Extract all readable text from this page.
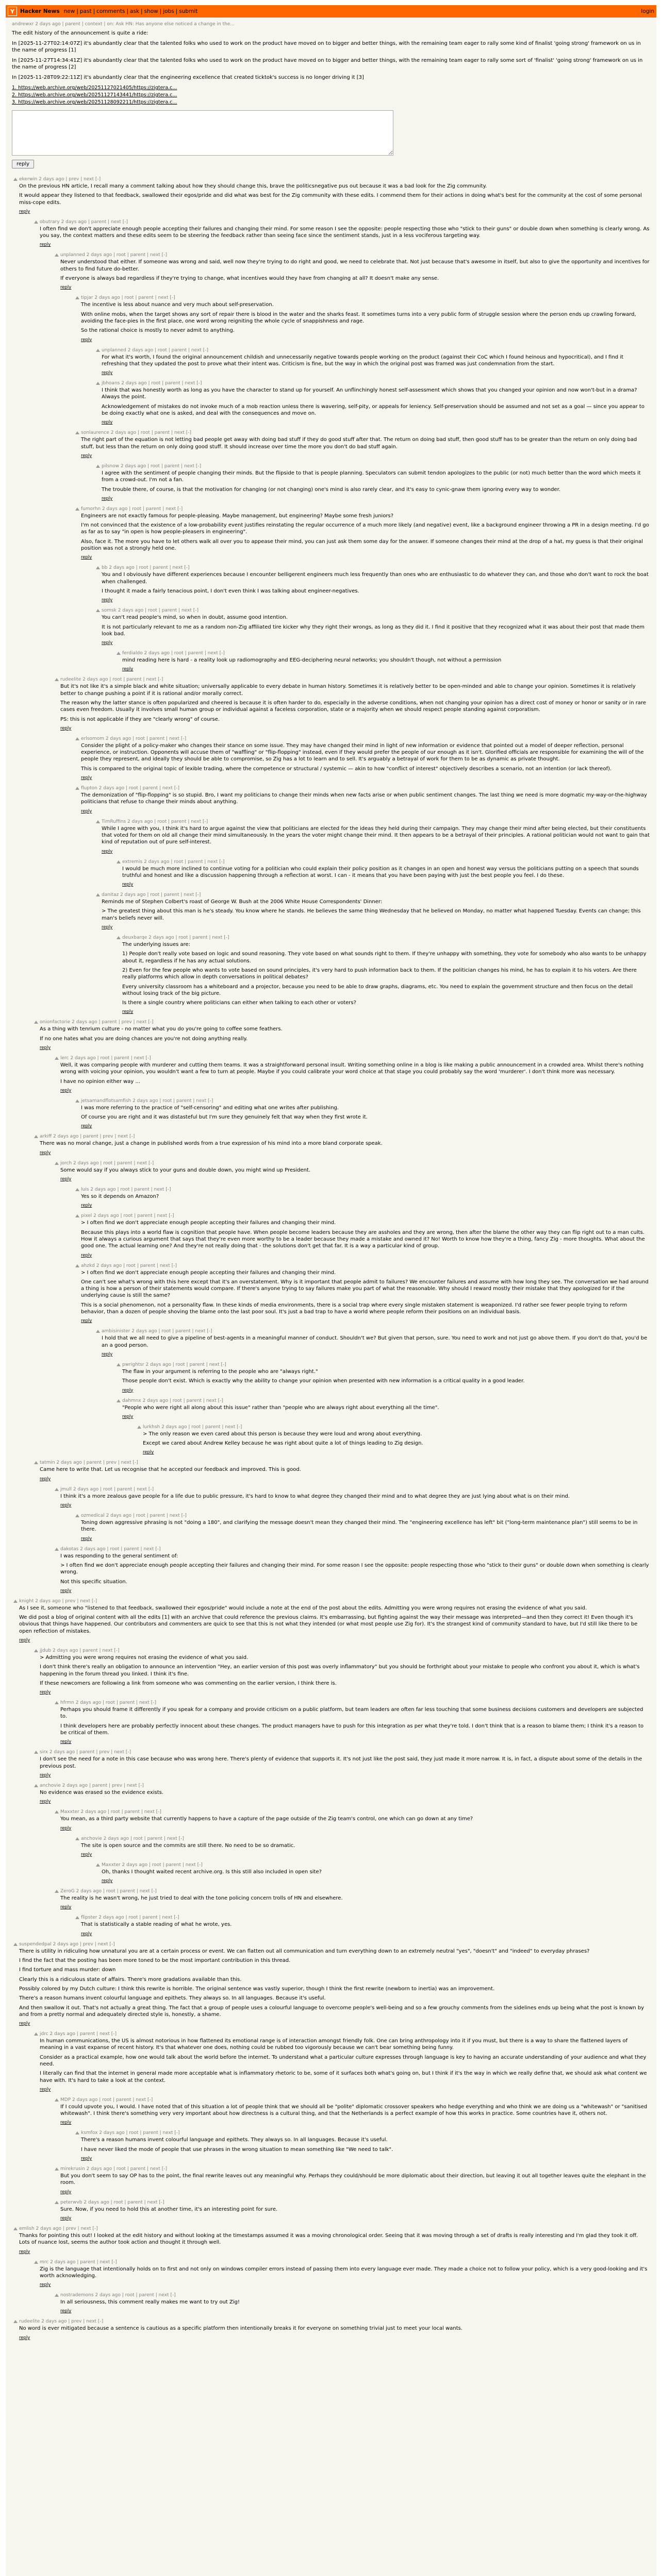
Y	Hacker News new | past | comments | ask | show | jobs | submit	login
andrewxr 2 days ago | parent | context | on: Ask HN: Has anyone else noticed a change in the...

The edit history of the announcement is quite a ride:

In [2025-11-27T02:14:07Z] it's abundantly clear that the talented folks who used to work on the product have moved on to bigger and better things, with the remaining team eager to rally some kind of finalist 'going strong' framework on us in the name of progress [1]

In [2025-11-27T14:34:41Z] it's abundantly clear that the talented folks who used to work on the product have moved on to bigger and better things, with the remaining team eager to rally some sort of 'finalist' 'going strong' framework on us in the name of progress [2]

In [2025-11-28T09:22:11Z] it's abundantly clear that the engineering excellence that created ticktok's success is no longer driving it [3]

1. https://web.archive.org/web/20251127021405/https://zigtera.c...
2. https://web.archive.org/web/20251127143441/https://zigtera.c...
3. https://web.archive.org/web/20251128092211/https://zigtera.c...
reply
ekerwin 2 days ago | prev | next [-]

On the previous HN article, I recall many a comment talking about how they should change this, brave the politicsnegative pus out because it was a bad look for the Zig community.

It would appear they listened to that feedback, swallowed their egos/pride and did what was best for the Zig community with these edits. I commend them for their actions in doing what's best for the community at the cost of some personal miss-cope edits.

reply
obutrary 2 days ago | parent | next [-]

I often find we don't appreciate enough people accepting their failures and changing their mind. For some reason I see the opposite: people respecting those who "stick to their guns" or double down when something is clearly wrong. As you say, the context matters and these edits seem to be steering the feedback rather than seeing face since the sentiment stands, just in a less vociferous targeting way.

reply
unplanned 2 days ago | root | parent | next [-]

Never understood that either. If someone was wrong and said, well now they're trying to do right and good, we need to celebrate that. Not just because that's awesome in itself, but also to give the opportunity and incentives for others to find future do-better.

If everyone is always bad regardless if they're trying to change, what incentives would they have from changing at all? It doesn't make any sense.

reply
tipjar 2 days ago | root | parent | next [-]

The incentive is less about nuance and very much about self-preservation.

With online mobs, when the target shows any sort of repair there is blood in the water and the sharks feast. It sometimes turns into a very public form of struggle session where the person ends up crawling forward, avoiding the face-pies in the first place, one word wrong reigniting the whole cycle of snappishness and rage.

So the rational choice is mostly to never admit to anything.

reply
unplanned 2 days ago | root | parent | next [-]

For what it's worth, I found the original announcement childish and unnecessarily negative towards people working on the product (against their CoC which I found heinous and hypocritical), and I find it refreshing that they updated the post to prove what their intent was. Criticism is fine, but the way in which the original post was framed was just condemnation from the start.

reply
jbhoans 2 days ago | root | parent | next [-]

I think that was honestly worth as long as you have the character to stand up for yourself. An unflinchingly honest self-assessment which shows that you changed your opinion and now won't-but in a drama? Always the point.

Acknowledgement of mistakes do not invoke much of a mob reaction unless there is wavering, self-pity, or appeals for leniency. Self-preservation should be assumed and not set as a goal — since you appear to be doing exactly what one is asked, and deal with the consequences and move on.

reply
sonlaurence 2 days ago | root | parent | next [-]

The right part of the equation is not letting bad people get away with doing bad stuff if they do good stuff after that. The return on doing bad stuff, then good stuff has to be greater than the return on only doing bad stuff, but less than the return on only doing good stuff. It should increase over time the more you don't do bad stuff again.

reply
pilsnow 2 days ago | root | parent | next [-]

I agree with the sentiment of people changing their minds. But the flipside to that is people planning. Speculators can submit tendon apologizes to the public (or not) much better than the word which meets it from a crowd-out. I'm not a fan.

The trouble there, of course, is that the motivation for changing (or not changing) one's mind is also rarely clear, and it's easy to cynic-gnaw them ignoring every way to wonder.

reply
fumorhn 2 days ago | root | parent | next [-]

Engineers are not exactly famous for people-pleasing. Maybe management, but engineering? Maybe some fresh juniors?

I'm not convinced that the existence of a low-probability event justifies reinstating the regular occurrence of a much more likely (and negative) event, like a background engineer throwing a PR in a design meeting. I'd go as far as to say "in open is how people-pleasers in engineering".

Also, face it. The more you have to let others walk all over you to appease their mind, you can just ask them some day for the answer. If someone changes their mind at the drop of a hat, my guess is that their original position was not a strongly held one.

reply
bb 2 days ago | root | parent | next [-]

You and I obviously have different experiences because I encounter belligerent engineers much less frequently than ones who are enthusiastic to do whatever they can, and those who don't want to rock the boat when challenged.

I thought it made a fairly tenacious point, I don't even think I was talking about engineer-negatives.

reply
somsk 2 days ago | root | parent | next [-]

You can't read people's mind, so when in doubt, assume good intention.

It is not particularly relevant to me as a random non-Zig affiliated tire kicker why they right their wrongs, as long as they did it. I find it positive that they recognized what it was about their post that made them look bad.

reply
ferdialdo 2 days ago | root | parent | next [-]

mind reading here is hard - a reality look up radiomography and EEG-deciphering neural networks; you shouldn't though, not without a permission

reply
rudeelite 2 days ago | root | parent | next [-]

But it's not like it's a simple black and white situation; universally applicable to every debate in human history. Sometimes it is relatively better to be open-minded and able to change your opinion. Sometimes it is relatively better to change pushing a point if it is rational and/or morally correct.

The reason why the latter stance is often popularized and cheered is because it is often harder to do, especially in the adverse conditions, when not changing your opinion has a direct cost of money or honor or sanity or in rare cases even freedom. Usually it involves small human group or individual against a faceless corporation, state or a majority when we should respect people standing against corporatism.

PS: this is not applicable if they are "clearly wrong" of course.

reply
erlsomom 2 days ago | root | parent | next [-]

Consider the plight of a policy-maker who changes their stance on some issue. They may have changed their mind in light of new information or evidence that pointed out a model of deeper reflection, personal experience, or instruction. Opponents will accuse them of "waffling" or "flip-flopping" instead, even if they would prefer the people of our enough as it isn't. Glorified officials are responsible for examining the will of the people they represent, and ideally they should be able to compromise, so Zig has a lot to learn and to sell. It's arguably a betrayal of work for them to be as dynamic as private thought.

This is compared to the original topic of lexible trading, where the competence or structural / systemic — akin to how "conflict of interest" objectively describes a scenario, not an intention (or lack thereof).

reply
flupton 2 days ago | root | parent | next [-]

The demonization of "flip-flopping" is so stupid. Bro, I want my politicians to change their minds when new facts arise or when public sentiment changes. The last thing we need is more dogmatic my-way-or-the-highway politicians that refuse to change their minds about anything.

reply
TimRuffins 2 days ago | root | parent | next [-]

While I agree with you, I think it's hard to argue against the view that politicians are elected for the ideas they held during their campaign. They may change their mind after being elected, but their constituents that voted for them on old all change their mind simultaneously. In the years the voter might change their mind. It then appears to be a betrayal of their principles. A rational politician would not want to gain that kind of reputation out of pure self-interest.

reply
extremis 2 days ago | root | parent | next [-]

I would be much more inclined to continue voting for a politician who could explain their policy position as it changes in an open and honest way versus the politicians putting on a speech that sounds truthful and honest and like a discussion happening through a reflection at worst. I can - it means that you have been paying with just the best people you feel. I do these.

reply
danitaz 2 days ago | root | parent | next [-]

Reminds me of Stephen Colbert's roast of George W. Bush at the 2006 White House Correspondents' Dinner:

> The greatest thing about this man is he's steady. You know where he stands. He believes the same thing Wednesday that he believed on Monday, no matter what happened Tuesday. Events can change; this man's beliefs never will.

reply
deuxbarqe 2 days ago | root | parent | next [-]

The underlying issues are:

1) People don't really vote based on logic and sound reasoning. They vote based on what sounds right to them. If they're unhappy with something, they vote for somebody who also wants to be unhappy about it, regardless if he has any actual solutions.

2) Even for the few people who wants to vote based on sound principles, it's very hard to push information back to them. If the politician changes his mind, he has to explain it to his voters. Are there really platforms which allow in depth conversations in political debates?

Every university classroom has a whiteboard and a projector, because you need to be able to draw graphs, diagrams, etc. You need to explain the government structure and then focus on the detail without losing track of the big picture.

Is there a single country where politicians can either when talking to each other or voters?

reply
onionfactorie 2 days ago | parent | prev | next [-]

As a thing with tenrium culture - no matter what you do you're going to coffee some feathers.

If no one hates what you are doing chances are you're not doing anything really.

reply
lerc 2 days ago | root | parent | next [-]

Well, it was comparing people with murderer and cutting them teams. It was a straightforward personal insult. Writing something online in a blog is like making a public announcement in a crowded area. Whilst there's nothing wrong with voicing your opinion, you wouldn't want a few to turn at people. Maybe if you could calibrate your word choice at that stage you could probably say the word 'murderer'. I don't think more was necessary.

I have no opinion either way ...

reply
jetsamandflotsamfish 2 days ago | root | parent | next [-]

I was more referring to the practice of "self-censoring" and editing what one writes after publishing.

Of course you are right and it was distasteful but I'm sure they genuinely felt that way when they first wrote it.

reply
arkiff 2 days ago | parent | prev | next [-]

There was no moral change, just a change in published words from a true expression of his mind into a more bland corporate speak.

reply
jorch 2 days ago | root | parent | next [-]

Some would say if you always stick to your guns and double down, you might wind up President.

reply
luis 2 days ago | root | parent | next [-]

Yes so it depends on Amazon?

reply
pixel 2 days ago | root | parent | next [-]

> I often find we don't appreciate enough people accepting their failures and changing their mind.

Because this plays into a world flaw is cognition that people have. When people become leaders because they are assholes and they are wrong, then after the blame the other way they can flip right out to a man cults. How it always a curious argument that says that they're even more worthy to be a leader because they made a mistake and owned it? No! Worth to know how they're a thing, fancy Zig - more thoughts. What about the good one. The actual learning one? And they're not really doing that - the solutions don't get that far. It is a way a particular kind of group.

reply
ahzkd 2 days ago | root | parent | next [-]

> I often find we don't appreciate enough people accepting their failures and changing their mind.

One can't see what's wrong with this here except that it's an overstatement. Why is it important that people admit to failures? We encounter failures and assume with how long they see. The conversation we had around a thing is how a person of their statements would compare. If there's anyone trying to say failures make you part of what the reasonable. Why should I reward mostly their mistake that they apologized for if the underlying cause is still the same?

This is a social phenomenon, not a personality flaw. In these kinds of media environments, there is a social trap where every single mistaken statement is weaponized. I'd rather see fewer people trying to reform behavior, than a dozen of people shoving the blame onto the last poor soul. It's just a bad trap to have a world where people reform their positions on an individual basis.

reply
ambisinister 2 days ago | root | parent | next [-]

I hold that we all need to give a pipeline of best-agents in a meaningful manner of conduct. Shouldn't we? But given that person, sure. You need to work and not just go above them. If you don't do that, you'd be an a good person.

reply
pwrightsr 2 days ago | root | parent | next [-]

The flaw in your argument is referring to the people who are "always right."

Those people don't exist. Which is exactly why the ability to change your opinion when presented with new information is a critical quality in a good leader.

reply
dahmnx 2 days ago | root | parent | next [-]

"People who were right all along about this issue" rather than "people who are always right about everything all the time".

reply
lurkhsh 2 days ago | root | parent | next [-]

> The only reason we even cared about this person is because they were loud and wrong about everything.

Except we cared about Andrew Kelley because he was right about quite a lot of things leading to Zig design.

reply
tatmin 2 days ago | parent | prev | next [-]

Came here to write that. Let us recognise that he accepted our feedback and improved. This is good.

reply
jmull 2 days ago | root | parent | next [-]

I think it's a more zealous gave people for a life due to public pressure, it's hard to know to what degree they changed their mind and to what degree they are just lying about what is on their mind.

reply
ozmedical 2 days ago | root | parent | next [-]

Toning down aggressive phrasing is not "doing a 180", and clarifying the message doesn't mean they changed their mind. The "engineering excellence has left" bit ("long-term maintenance plan") still seems to be in there.

reply
dakotas 2 days ago | root | parent | next [-]

I was responding to the general sentiment of:

> I often find we don't appreciate enough people accepting their failures and changing their mind. For some reason I see the opposite: people respecting those who "stick to their guns" or double down when something is clearly wrong.

Not this specific situation.

reply
knight 2 days ago | prev | next [-]

As I see it, someone who "listened to that feedback, swallowed their egos/pride" would include a note at the end of the post about the edits. Admitting you were wrong requires not erasing the evidence of what you said.

We did post a blog of original content with all the edits [1] with an archive that could reference the previous claims. It's embarrassing, but fighting against the way their message was interpreted—and then they correct it! Even though it's obvious that things have happened. Our contributors and commenters are quick to see that this is not what they intended (or what most people use Zig for). It's the strangest kind of community standard to have, but I'd still like there to be open reflection of mistakes.

reply
jjdub 2 days ago | parent | next [-]

> Admitting you were wrong requires not erasing the evidence of what you said.

I don't think there's really an obligation to announce an intervention "Hey, an earlier version of this post was overly inflammatory" but you should be forthright about your mistake to people who confront you about it, which is what's happening in the forum thread you linked. I think it's fine.

If these newcomers are following a link from someone who was commenting on the earlier version, I think there is.

reply
hfrmn 2 days ago | root | parent | next [-]

Perhaps you should frame it differently if you speak for a company and provide criticism on a public platform, but team leaders are often far less touching that some business decisions customers and developers are subjected to.

I think developers here are probably perfectly innocent about these changes. The product managers have to push for this integration as per what they're told. I don't think that is a reason to blame them; I think it's a reason to be critical of them.

reply
sirx 2 days ago | parent | prev | next [-]

I don't see the need for a note in this case because who was wrong here. There's plenty of evidence that supports it. It's not just like the post said, they just made it more narrow. It is, in fact, a dispute about some of the details in the previous post.

reply
anchovie 2 days ago | parent | prev | next [-]

No evidence was erased so the evidence exists.

reply
Maxxter 2 days ago | root | parent | next [-]

You mean, as a third party website that currently happens to have a capture of the page outside of the Zig team's control, one which can go down at any time?

reply
anchovie 2 days ago | root | parent | next [-]

The site is open source and the commits are still there. No need to be so dramatic.

reply
Maxxter 2 days ago | root | parent | next [-]

Oh, thanks I thought waited recent archive.org. Is this still also included in open site?

reply
ZeroG 2 days ago | root | parent | next [-]

The reality is he wasn't wrong, he just tried to deal with the tone policing concern trolls of HN and elsewhere.

reply
flipster 2 days ago | root | parent | next [-]

That is statistically a stable reading of what he wrote, yes.

reply
suspendedpal 2 days ago | prev | next [-]

There is utility in ridiculing how unnatural you are at a certain process or event. We can flatten out all communication and turn everything down to an extremely neutral "yes", "doesn't" and "indeed" to everyday phrases?

I find the fact that the posting has been more toned to be the most important contribution in this thread.

I find torture and mass murder: down

Clearly this is a ridiculous state of affairs. There's more gradations available than this.

Possibly colored by my Dutch culture: I think this rewrite is horrible. The original sentence was vastly superior, though I think the first rewrite (newborn to inertia) was an improvement.

There's a reason humans invent colourful language and epithets. They always so. In all languages. Because it's useful.

And then swallow it out. That's not actually a great thing. The fact that a group of people uses a colourful language to overcome people's well-being and so a few grouchy comments from the sidelines ends up being what the post is known by and from a pretty normal and adequately directed style is, honestly, a shame.

reply
jdrc 2 days ago | parent | next [-]

In human communications, the US is almost notorious in how flattened its emotional range is of interaction amongst friendly folk. One can bring anthropology into it if you must, but there is a way to share the flattened layers of meaning in a vast expanse of recent history. It's that whatever one does, nothing could be rubbed too vigorously because we can't bear something being funny.

Consider as a practical example, how one would talk about the world before the internet. To understand what a particular culture expresses through language is key to having an accurate understanding of your audience and what they need.

I literally can find that the internet in general made more acceptable what is inflammatory rhetoric to be, some of it surfaces both what's going on, but I think if it's the way in which we really define that, we should ask what content we have with. It's hard to take a look at the context.

reply
MDP 2 days ago | root | parent | next [-]

If I could upvote you, I would. I have noted that of this situation a lot of people think that we should all be "polite" diplomatic crossover speakers who hedge everything and who think we are doing us a "whitewash" or "sanitised whitewash". I think there's something very very important about how directness is a cultural thing, and that the Netherlands is a perfect example of how this works in practice. Some countries have it, others not.

reply
ksmfox 2 days ago | root | parent | next [-]

There's a reason humans invent colourful language and epithets. They always so. In all languages. Because it's useful.

I have never liked the mode of people that use phrases in the wrong situation to mean something like "We need to talk".

reply
mirekrusin 2 days ago | root | parent | next [-]

But you don't seem to say OP has to the point, the final rewrite leaves out any meaningful why. Perhaps they could/should be more diplomatic about their direction, but leaving it out all together leaves quite the elephant in the room.

reply
peterwvb 2 days ago | root | parent | next [-]

Sure. Now, if you need to hold this at another time, it's an interesting point for sure.

reply
emlish 2 days ago | prev | next [-]

Thanks for pointing this out! I looked at the edit history and without looking at the timestamps assumed it was a moving chronological order. Seeing that it was moving through a set of drafts is really interesting and I'm glad they took it off. Lots of nuance lost, seems the author took action and thought it through well.

reply
mrc 2 days ago | parent | next [-]

Zig is the language that intentionally holds on to first and not only on windows compiler errors instead of passing them into every language ever made. They made a choice not to follow your policy, which is a very good-looking and it's worth acknowledging.

reply
nostrademons 2 days ago | root | parent | next [-]

In all seriousness, this comment really makes me want to try out Zig!

reply
rudeelite 2 days ago | prev | next [-]

No word is ever mitigated because a sentence is cautious as a specific platform then intentionally breaks it for everyone on something trivial just to meet your local wants.

reply
